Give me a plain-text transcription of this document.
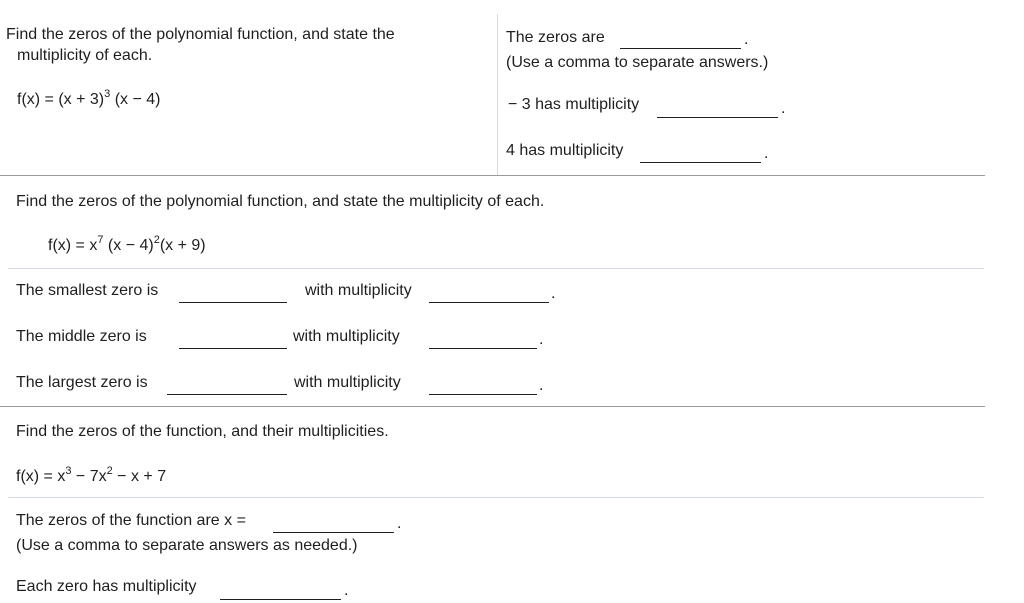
Find the zeros of the polynomial function, and state the
multiplicity of each.
$f(x) = (x + 3)^3$ (x − 4)
The zeros are	.
(Use a comma to separate answers.)
− 3 has multiplicity	.
4 has multiplicity	.
Find the zeros of the polynomial function, and state the multiplicity of each.
$f(x) = x^7$ $(x - 4)^2(x + 9)$
The smallest zero is	with multiplicity	.
The middle zero is	with multiplicity	.
The largest zero is	with multiplicity	.
Find the zeros of the function, and their multiplicities.
$f(x) = x^3 - 7x^2 - x + 7$
The zeros of the function are x =	.
(Use a comma to separate answers as needed.)
Each zero has multiplicity	.
